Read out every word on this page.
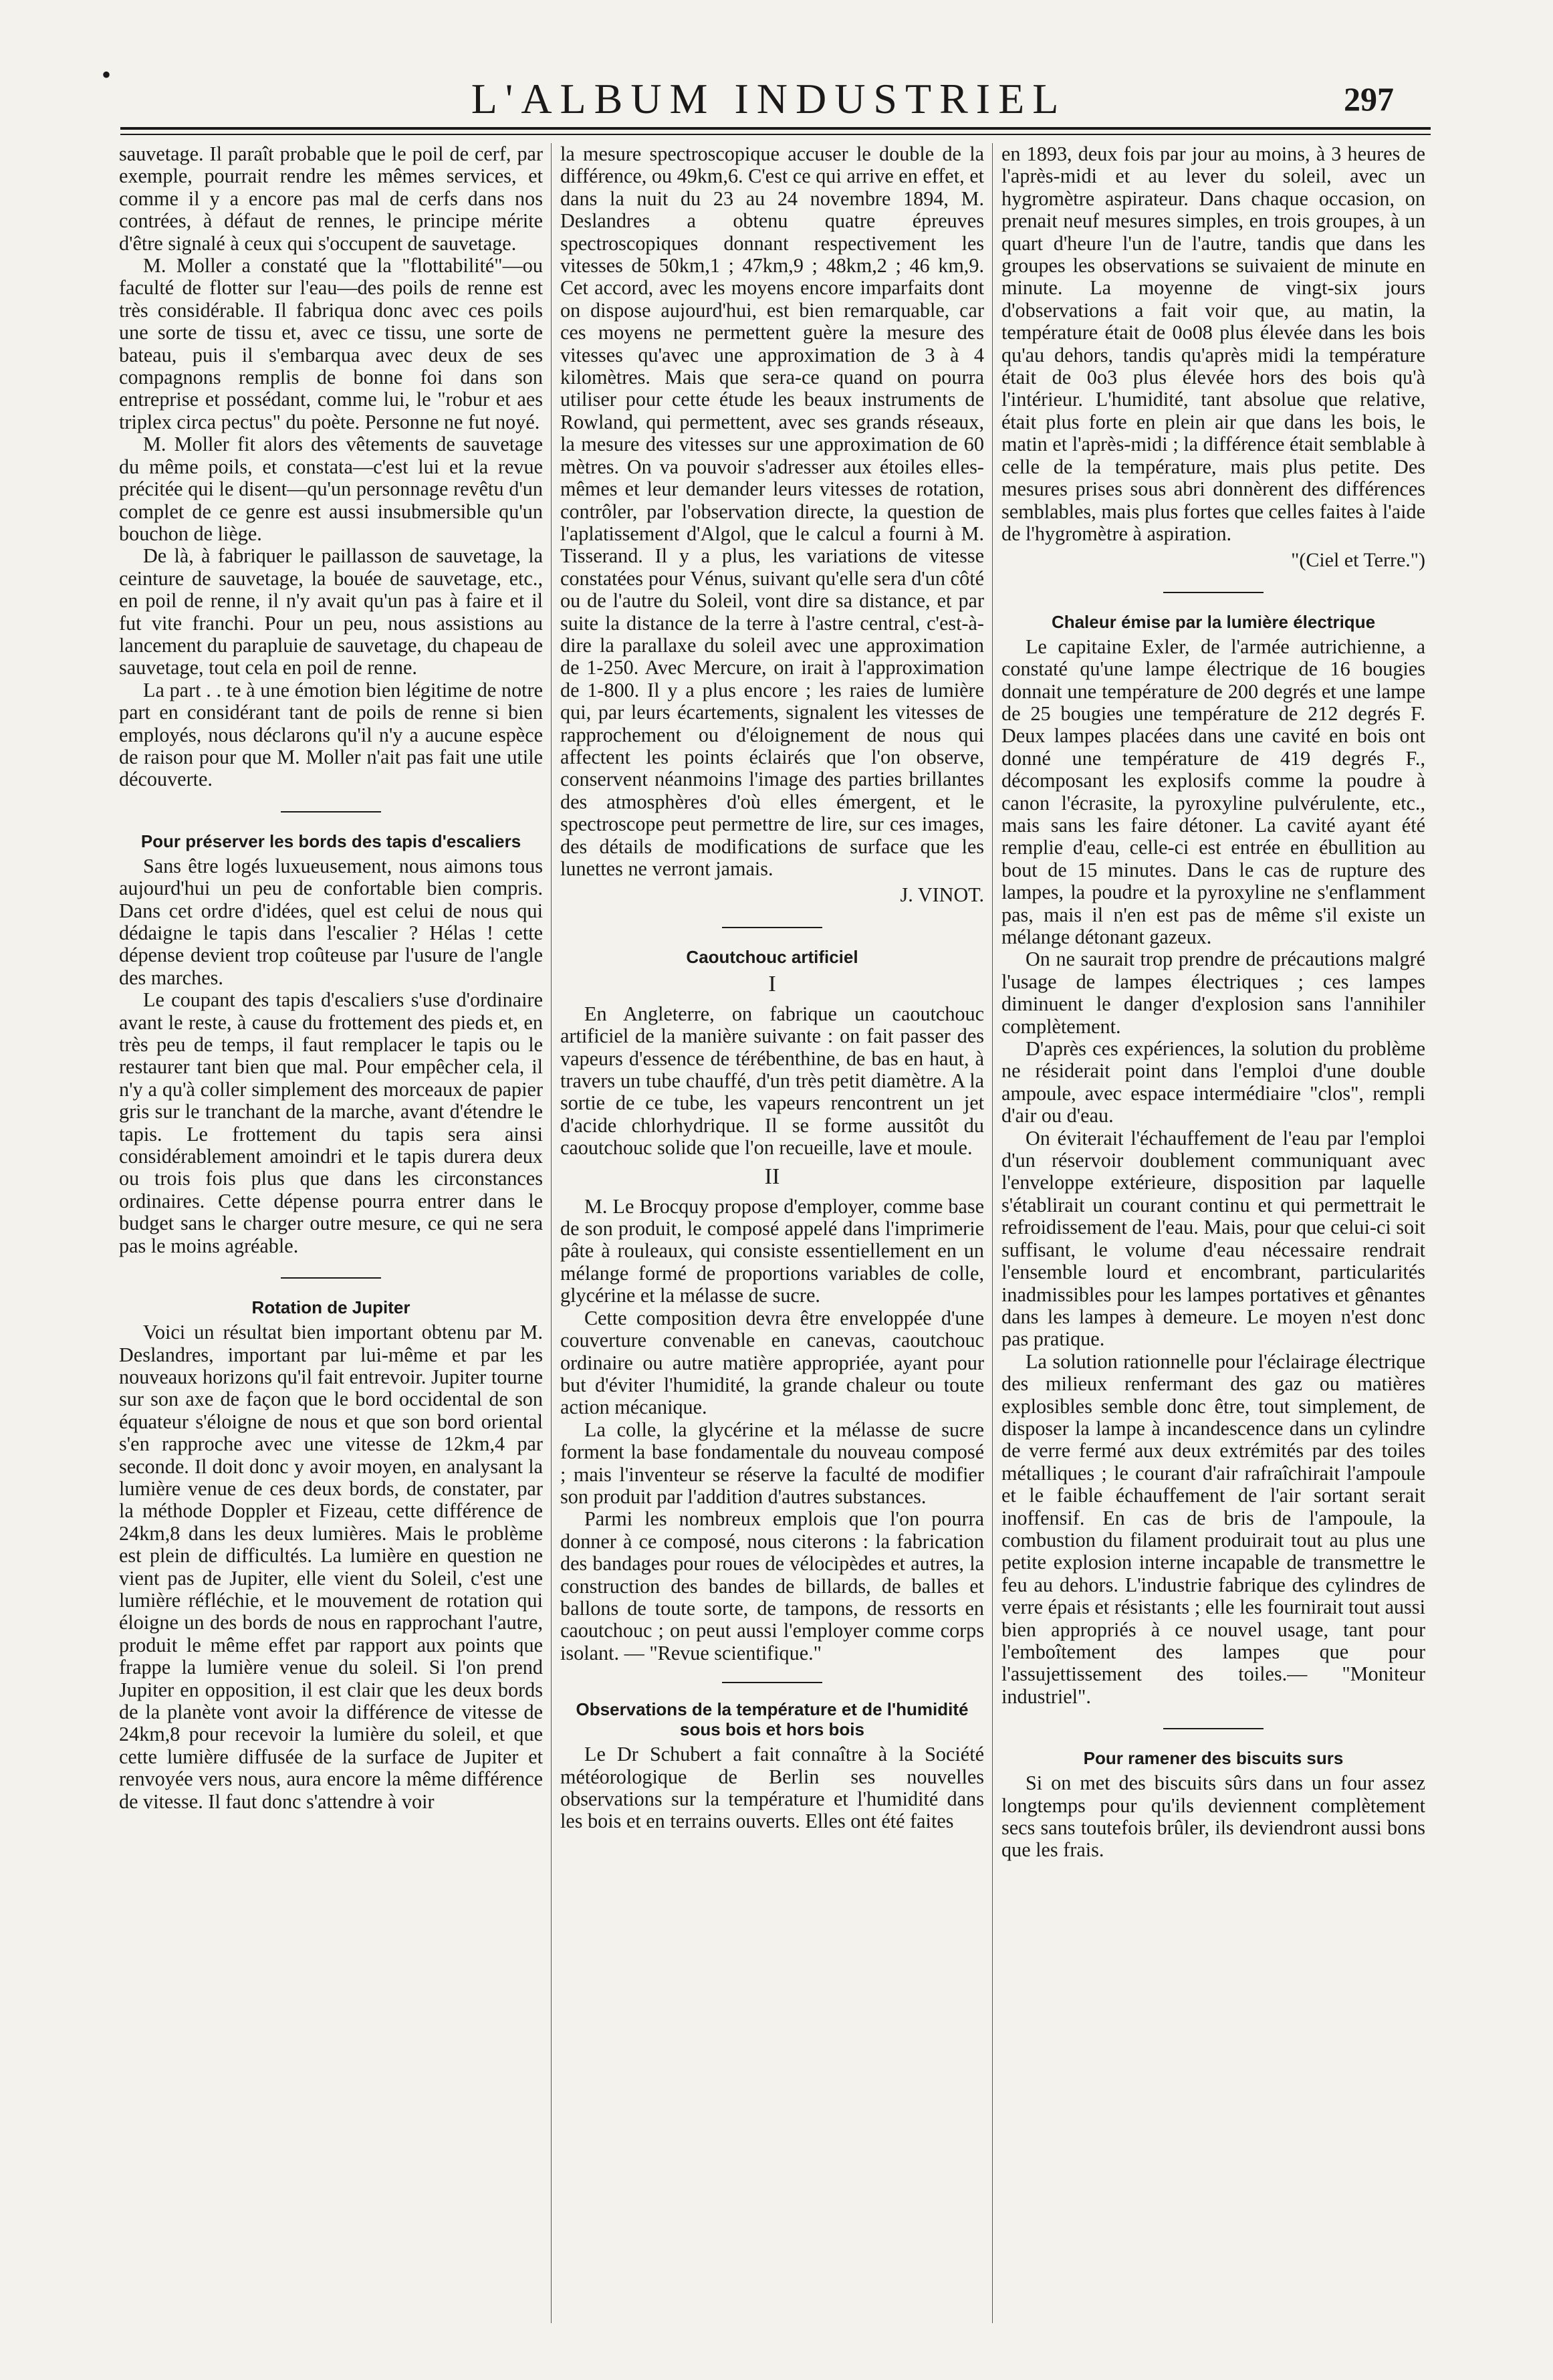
•
L'ALBUM INDUSTRIEL	297

sauvetage. Il paraît probable que le poil de cerf, par exemple, pourrait rendre les mêmes services, et comme il y a encore pas mal de cerfs dans nos contrées, à défaut de rennes, le principe mérite d'être signalé à ceux qui s'occupent de sauvetage.

M. Moller a constaté que la "flottabilité"—ou faculté de flotter sur l'eau—des poils de renne est très considérable. Il fabriqua donc avec ces poils une sorte de tissu et, avec ce tissu, une sorte de bateau, puis il s'embarqua avec deux de ses compagnons remplis de bonne foi dans son entreprise et possédant, comme lui, le "robur et aes triplex circa pectus" du poète. Personne ne fut noyé.

M. Moller fit alors des vêtements de sauvetage du même poils, et constata—c'est lui et la revue précitée qui le disent—qu'un personnage revêtu d'un complet de ce genre est aussi insubmersible qu'un bouchon de liège.

De là, à fabriquer le paillasson de sauvetage, la ceinture de sauvetage, la bouée de sauvetage, etc., en poil de renne, il n'y avait qu'un pas à faire et il fut vite franchi. Pour un peu, nous assistions au lancement du parapluie de sauvetage, du chapeau de sauvetage, tout cela en poil de renne.

La part . . te à une émotion bien légitime de notre part en considérant tant de poils de renne si bien employés, nous déclarons qu'il n'y a aucune espèce de raison pour que M. Moller n'ait pas fait une utile découverte.

Pour préserver les bords des tapis d'escaliers

Sans être logés luxueusement, nous aimons tous aujourd'hui un peu de confortable bien compris. Dans cet ordre d'idées, quel est celui de nous qui dédaigne le tapis dans l'escalier ? Hélas ! cette dépense devient trop coûteuse par l'usure de l'angle des marches.

Le coupant des tapis d'escaliers s'use d'ordinaire avant le reste, à cause du frottement des pieds et, en très peu de temps, il faut remplacer le tapis ou le restaurer tant bien que mal. Pour empêcher cela, il n'y a qu'à coller simplement des morceaux de papier gris sur le tranchant de la marche, avant d'étendre le tapis. Le frottement du tapis sera ainsi considérablement amoindri et le tapis durera deux ou trois fois plus que dans les circonstances ordinaires. Cette dépense pourra entrer dans le budget sans le charger outre mesure, ce qui ne sera pas le moins agréable.

Rotation de Jupiter

Voici un résultat bien important obtenu par M. Deslandres, important par lui-même et par les nouveaux horizons qu'il fait entrevoir. Jupiter tourne sur son axe de façon que le bord occidental de son équateur s'éloigne de nous et que son bord oriental s'en rapproche avec une vitesse de 12km,4 par seconde. Il doit donc y avoir moyen, en analysant la lumière venue de ces deux bords, de constater, par la méthode Doppler et Fizeau, cette différence de 24km,8 dans les deux lumières. Mais le problème est plein de difficultés. La lumière en question ne vient pas de Jupiter, elle vient du Soleil, c'est une lumière réfléchie, et le mouvement de rotation qui éloigne un des bords de nous en rapprochant l'autre, produit le même effet par rapport aux points que frappe la lumière venue du soleil. Si l'on prend Jupiter en opposition, il est clair que les deux bords de la planète vont avoir la différence de vitesse de 24km,8 pour recevoir la lumière du soleil, et que cette lumière diffusée de la surface de Jupiter et renvoyée vers nous, aura encore la même différence de vitesse. Il faut donc s'attendre à voir

la mesure spectroscopique accuser le double de la différence, ou 49km,6. C'est ce qui arrive en effet, et dans la nuit du 23 au 24 novembre 1894, M. Deslandres a obtenu quatre épreuves spectroscopiques donnant respectivement les vitesses de 50km,1 ; 47km,9 ; 48km,2 ; 46 km,9. Cet accord, avec les moyens encore imparfaits dont on dispose aujourd'hui, est bien remarquable, car ces moyens ne permettent guère la mesure des vitesses qu'avec une approximation de 3 à 4 kilomètres. Mais que sera-ce quand on pourra utiliser pour cette étude les beaux instruments de Rowland, qui permettent, avec ses grands réseaux, la mesure des vitesses sur une approximation de 60 mètres. On va pouvoir s'adresser aux étoiles elles-mêmes et leur demander leurs vitesses de rotation, contrôler, par l'observation directe, la question de l'aplatissement d'Algol, que le calcul a fourni à M. Tisserand. Il y a plus, les variations de vitesse constatées pour Vénus, suivant qu'elle sera d'un côté ou de l'autre du Soleil, vont dire sa distance, et par suite la distance de la terre à l'astre central, c'est-à-dire la parallaxe du soleil avec une approximation de 1-250. Avec Mercure, on irait à l'approximation de 1-800. Il y a plus encore ; les raies de lumière qui, par leurs écartements, signalent les vitesses de rapprochement ou d'éloignement de nous qui affectent les points éclairés que l'on observe, conservent néanmoins l'image des parties brillantes des atmosphères d'où elles émergent, et le spectroscope peut permettre de lire, sur ces images, des détails de modifications de surface que les lunettes ne verront jamais.

J. VINOT.

Caoutchouc artificiel
I

En Angleterre, on fabrique un caoutchouc artificiel de la manière suivante : on fait passer des vapeurs d'essence de térébenthine, de bas en haut, à travers un tube chauffé, d'un très petit diamètre. A la sortie de ce tube, les vapeurs rencontrent un jet d'acide chlorhydrique. Il se forme aussitôt du caoutchouc solide que l'on recueille, lave et moule.

II

M. Le Brocquy propose d'employer, comme base de son produit, le composé appelé dans l'imprimerie pâte à rouleaux, qui consiste essentiellement en un mélange formé de proportions variables de colle, glycérine et la mélasse de sucre.

Cette composition devra être enveloppée d'une couverture convenable en canevas, caoutchouc ordinaire ou autre matière appropriée, ayant pour but d'éviter l'humidité, la grande chaleur ou toute action mécanique.

La colle, la glycérine et la mélasse de sucre forment la base fondamentale du nouveau composé ; mais l'inventeur se réserve la faculté de modifier son produit par l'addition d'autres substances.

Parmi les nombreux emplois que l'on pourra donner à ce composé, nous citerons : la fabrication des bandages pour roues de vélocipèdes et autres, la construction des bandes de billards, de balles et ballons de toute sorte, de tampons, de ressorts en caoutchouc ; on peut aussi l'employer comme corps isolant. — "Revue scientifique."

Observations de la température et de l'humidité sous bois et hors bois

Le Dr Schubert a fait connaître à la Société météorologique de Berlin ses nouvelles observations sur la température et l'humidité dans les bois et en terrains ouverts. Elles ont été faites

en 1893, deux fois par jour au moins, à 3 heures de l'après-midi et au lever du soleil, avec un hygromètre aspirateur. Dans chaque occasion, on prenait neuf mesures simples, en trois groupes, à un quart d'heure l'un de l'autre, tandis que dans les groupes les observations se suivaient de minute en minute. La moyenne de vingt-six jours d'observations a fait voir que, au matin, la température était de 0o08 plus élevée dans les bois qu'au dehors, tandis qu'après midi la température était de 0o3 plus élevée hors des bois qu'à l'intérieur. L'humidité, tant absolue que relative, était plus forte en plein air que dans les bois, le matin et l'après-midi ; la différence était semblable à celle de la température, mais plus petite. Des mesures prises sous abri donnèrent des différences semblables, mais plus fortes que celles faites à l'aide de l'hygromètre à aspiration.

"(Ciel et Terre.")

Chaleur émise par la lumière électrique

Le capitaine Exler, de l'armée autrichienne, a constaté qu'une lampe électrique de 16 bougies donnait une température de 200 degrés et une lampe de 25 bougies une température de 212 degrés F. Deux lampes placées dans une cavité en bois ont donné une température de 419 degrés F., décomposant les explosifs comme la poudre à canon l'écrasite, la pyroxyline pulvérulente, etc., mais sans les faire détoner. La cavité ayant été remplie d'eau, celle-ci est entrée en ébullition au bout de 15 minutes. Dans le cas de rupture des lampes, la poudre et la pyroxyline ne s'enflamment pas, mais il n'en est pas de même s'il existe un mélange détonant gazeux.

On ne saurait trop prendre de précautions malgré l'usage de lampes électriques ; ces lampes diminuent le danger d'explosion sans l'annihiler complètement.

D'après ces expériences, la solution du problème ne résiderait point dans l'emploi d'une double ampoule, avec espace intermédiaire "clos", rempli d'air ou d'eau.

On éviterait l'échauffement de l'eau par l'emploi d'un réservoir doublement communiquant avec l'enveloppe extérieure, disposition par laquelle s'établirait un courant continu et qui permettrait le refroidissement de l'eau. Mais, pour que celui-ci soit suffisant, le volume d'eau nécessaire rendrait l'ensemble lourd et encombrant, particularités inadmissibles pour les lampes portatives et gênantes dans les lampes à demeure. Le moyen n'est donc pas pratique.

La solution rationnelle pour l'éclairage électrique des milieux renfermant des gaz ou matières explosibles semble donc être, tout simplement, de disposer la lampe à incandescence dans un cylindre de verre fermé aux deux extrémités par des toiles métalliques ; le courant d'air rafraîchirait l'ampoule et le faible échauffement de l'air sortant serait inoffensif. En cas de bris de l'ampoule, la combustion du filament produirait tout au plus une petite explosion interne incapable de transmettre le feu au dehors. L'industrie fabrique des cylindres de verre épais et résistants ; elle les fournirait tout aussi bien appropriés à ce nouvel usage, tant pour l'emboîtement des lampes que pour l'assujettissement des toiles.— "Moniteur industriel".

Pour ramener des biscuits surs

Si on met des biscuits sûrs dans un four assez longtemps pour qu'ils deviennent complètement secs sans toutefois brûler, ils deviendront aussi bons que les frais.
